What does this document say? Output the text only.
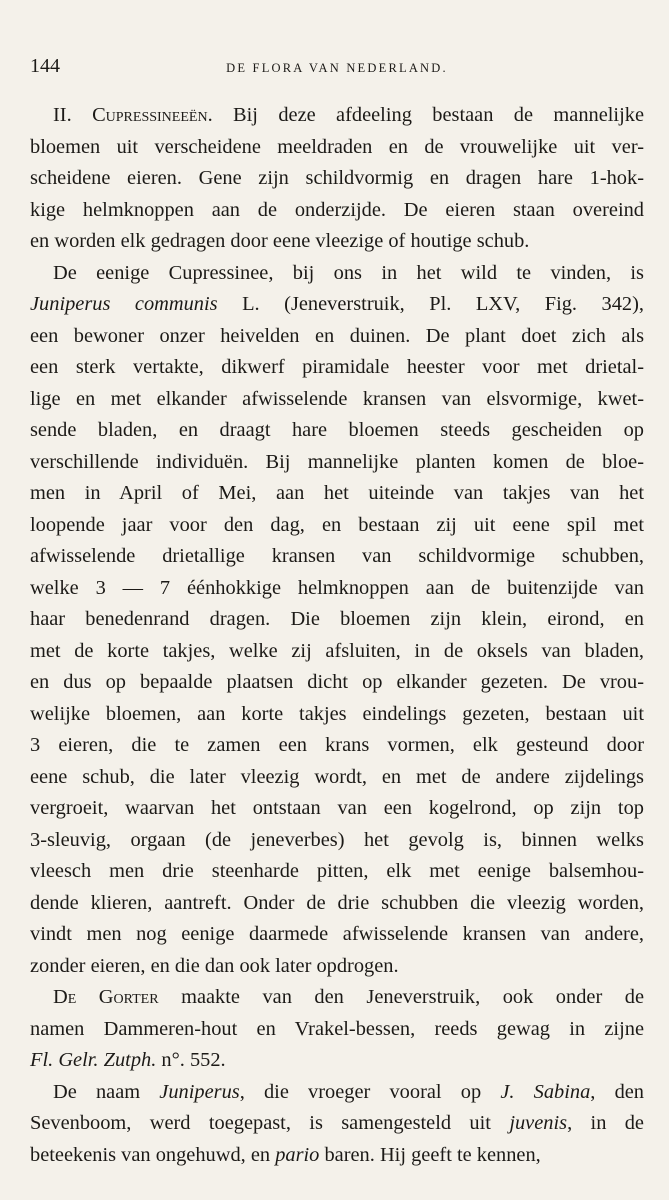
144	DE FLORA VAN NEDERLAND.
II. Cupressineeën. Bij deze afdeeling bestaan de mannelijke
bloemen uit verscheidene meeldraden en de vrouwelijke uit ver-
scheidene eieren. Gene zijn schildvormig en dragen hare 1-hok-
kige helmknoppen aan de onderzijde. De eieren staan overeind
en worden elk gedragen door eene vleezige of houtige schub.
De eenige Cupressinee, bij ons in het wild te vinden, is
Juniperus communis L. (Jeneverstruik, Pl. LXV, Fig. 342),
een bewoner onzer heivelden en duinen. De plant doet zich als
een sterk vertakte, dikwerf piramidale heester voor met drietal-
lige en met elkander afwisselende kransen van elsvormige, kwet-
sende bladen, en draagt hare bloemen steeds gescheiden op
verschillende individuën. Bij mannelijke planten komen de bloe-
men in April of Mei, aan het uiteinde van takjes van het
loopende jaar voor den dag, en bestaan zij uit eene spil met
afwisselende drietallige kransen van schildvormige schubben,
welke 3 — 7 éénhokkige helmknoppen aan de buitenzijde van
haar benedenrand dragen. Die bloemen zijn klein, eirond, en
met de korte takjes, welke zij afsluiten, in de oksels van bladen,
en dus op bepaalde plaatsen dicht op elkander gezeten. De vrou-
welijke bloemen, aan korte takjes eindelings gezeten, bestaan uit
3 eieren, die te zamen een krans vormen, elk gesteund door
eene schub, die later vleezig wordt, en met de andere zijdelings
vergroeit, waarvan het ontstaan van een kogelrond, op zijn top
3-sleuvig, orgaan (de jeneverbes) het gevolg is, binnen welks
vleesch men drie steenharde pitten, elk met eenige balsemhou-
dende klieren, aantreft. Onder de drie schubben die vleezig worden,
vindt men nog eenige daarmede afwisselende kransen van andere,
zonder eieren, en die dan ook later opdrogen.
De Gorter maakte van den Jeneverstruik, ook onder de
namen Dammeren-hout en Vrakel-bessen, reeds gewag in zijne
Fl. Gelr. Zutph. n°. 552.
De naam Juniperus, die vroeger vooral op J. Sabina, den
Sevenboom, werd toegepast, is samengesteld uit juvenis, in de
beteekenis van ongehuwd, en pario baren. Hij geeft te kennen,
